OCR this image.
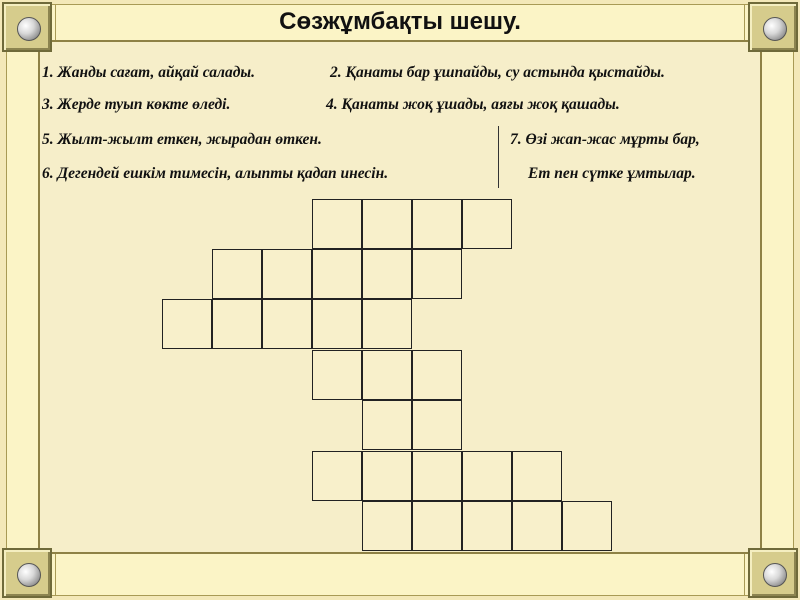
Сөзжұмбақты шешу.
1. Жанды сағат, айқай салады.	2. Қанаты бар ұшпайды, су астында қыстайды.
3. Жерде туып көкте өледі.	4. Қанаты жоқ ұшады, аяғы жоқ қашады.
5. Жылт-жылт еткен, жырадан өткен.	7. Өзі жап-жас мұрты бар,
6. Дегендей ешкім тимесін, алыпты қадап инесін.	Ет пен сүтке ұмтылар.
